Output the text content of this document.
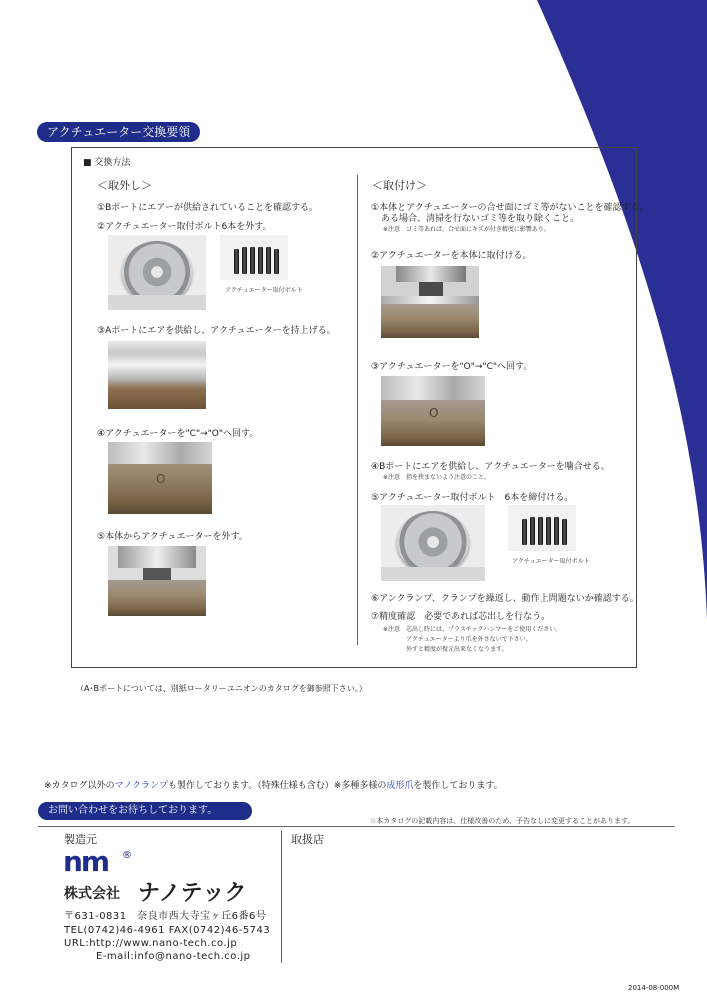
アクチュエーター交換要領
■ 交換方法
＜取外し＞
①Bポートにエアーが供給されていることを確認する。
②アクチュエーター取付ボルト6本を外す。
アクチュエーター取付ボルト
③Aポートにエアを供給し、アクチュエーターを持上げる。
④アクチュエーターを"C"→"O"へ回す。
O
⑤本体からアクチュエーターを外す。
＜取付け＞
①本体とアクチュエーターの合せ面にゴミ等がないことを確認する。
ある場合、清掃を行ないゴミ等を取り除くこと。
※注意　ゴミ等あれば、合せ面にキズが付き精度に影響あり。
②アクチュエーターを本体に取付ける。
③アクチュエーターを"O"→"C"へ回す。
O
④Bポートにエアを供給し、アクチュエーターを噛合せる。
※注意　指を挟まないよう注意のこと。
⑤アクチュエーター取付ボルト　6本を締付ける。
アクチュエーター取付ボルト
⑥アンクランプ、クランプを繰返し、動作上問題ないか確認する。
⑦精度確認　必要であれば芯出しを行なう。
※注意　芯出し時には、プラスチックハンマーをご使用ください。
アクチュエーターより爪を外さないで下さい。
外すと精度が復元出来なくなります。
（A･Bポートについては、別紙ロータリーユニオンのカタログを御参照下さい。）
※カタログ以外のマノクランプも製作しております。（特殊仕様も含む）※多種多様の成形爪を製作しております。
お問い合わせをお待ちしております。
☆本カタログの記載内容は、仕様改善のため、予告なしに変更することがあります。
製造元
nm ®
株式会社 ナノテック
〒631-0831　奈良市西大寺宝ヶ丘6番6号
TEL(0742)46-4961 FAX(0742)46-5743
URL:http://www.nano-tech.co.jp
E-mail:info@nano-tech.co.jp
取扱店
2014-08-000M
